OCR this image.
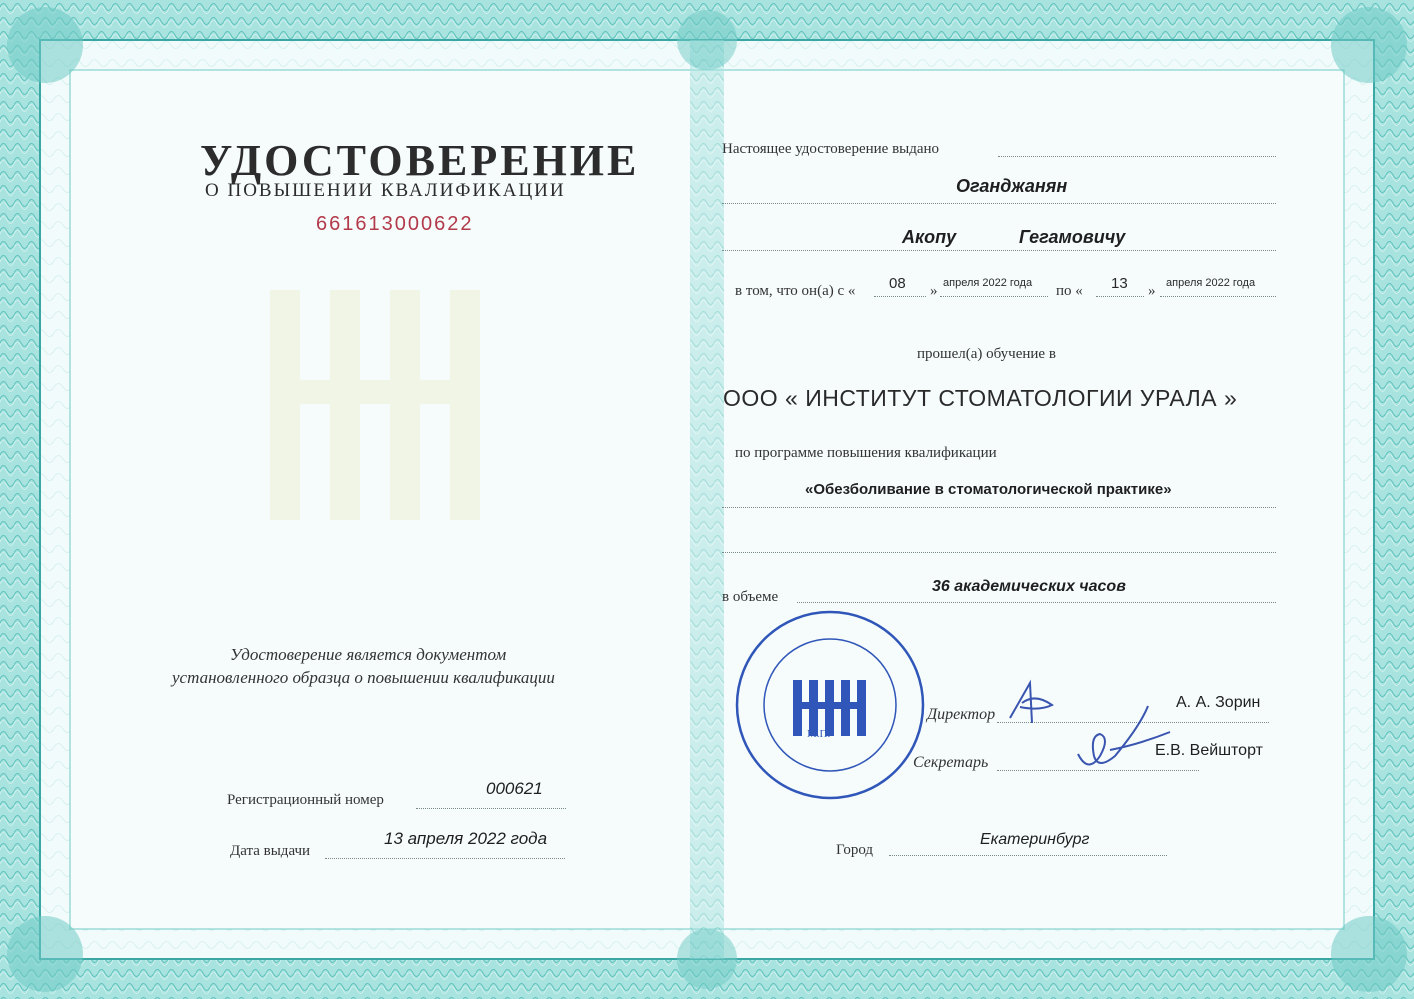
УДОСТОВЕРЕНИЕ
О ПОВЫШЕНИИ КВАЛИФИКАЦИИ
661613000622
Удостоверение является документом
установленного образца о повышении квалификации
Регистрационный номер
000621
Дата выдачи
13 апреля 2022 года
Настоящее удостоверение выдано
Оганджанян
Акопу	Гегамовичу
в том, что он(а) с « 08 » апреля 2022 года по « 13 » апреля 2022 года
прошел(а) обучение в
ООО « ИНСТИТУТ СТОМАТОЛОГИИ УРАЛА »
по программе повышения квалификации
«Обезболивание в стоматологической практике»
в объеме
36 академических часов
М.П.
Директор
А. А. Зорин
Секретарь
Е.В. Вейшторт
Город
Екатеринбург
